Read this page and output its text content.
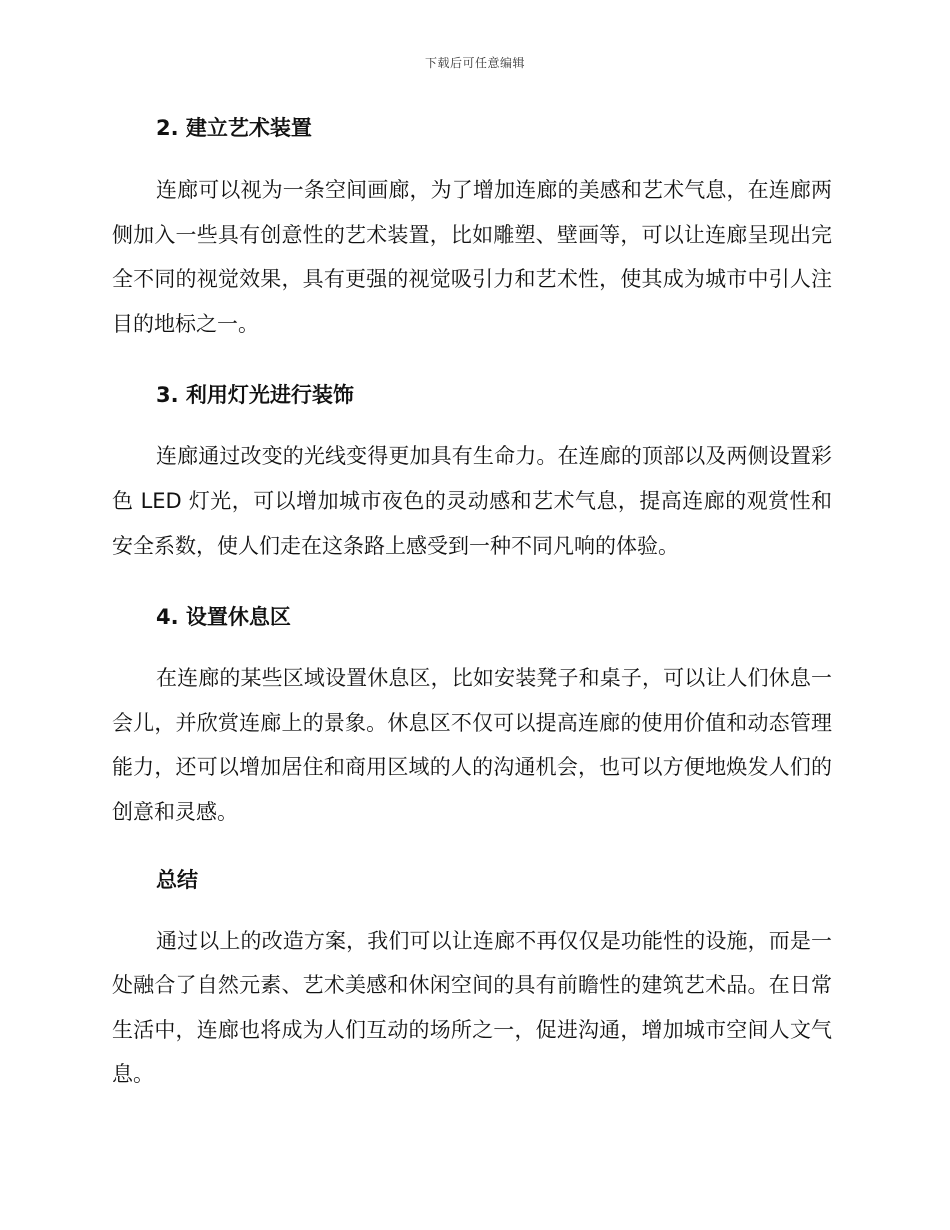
下载后可任意编辑
2. 建立艺术装置

连廊可以视为一条空间画廊，为了增加连廊的美感和艺术气息，在连廊两侧加入一些具有创意性的艺术装置，比如雕塑、壁画等，可以让连廊呈现出完全不同的视觉效果，具有更强的视觉吸引力和艺术性，使其成为城市中引人注目的地标之一。

3. 利用灯光进行装饰

连廊通过改变的光线变得更加具有生命力。在连廊的顶部以及两侧设置彩色 LED 灯光，可以增加城市夜色的灵动感和艺术气息，提高连廊的观赏性和安全系数，使人们走在这条路上感受到一种不同凡响的体验。

4. 设置休息区

在连廊的某些区域设置休息区，比如安装凳子和桌子，可以让人们休息一会儿，并欣赏连廊上的景象。休息区不仅可以提高连廊的使用价值和动态管理能力，还可以增加居住和商用区域的人的沟通机会，也可以方便地焕发人们的创意和灵感。

总结

通过以上的改造方案，我们可以让连廊不再仅仅是功能性的设施，而是一处融合了自然元素、艺术美感和休闲空间的具有前瞻性的建筑艺术品。在日常生活中，连廊也将成为人们互动的场所之一，促进沟通，增加城市空间人文气息。
